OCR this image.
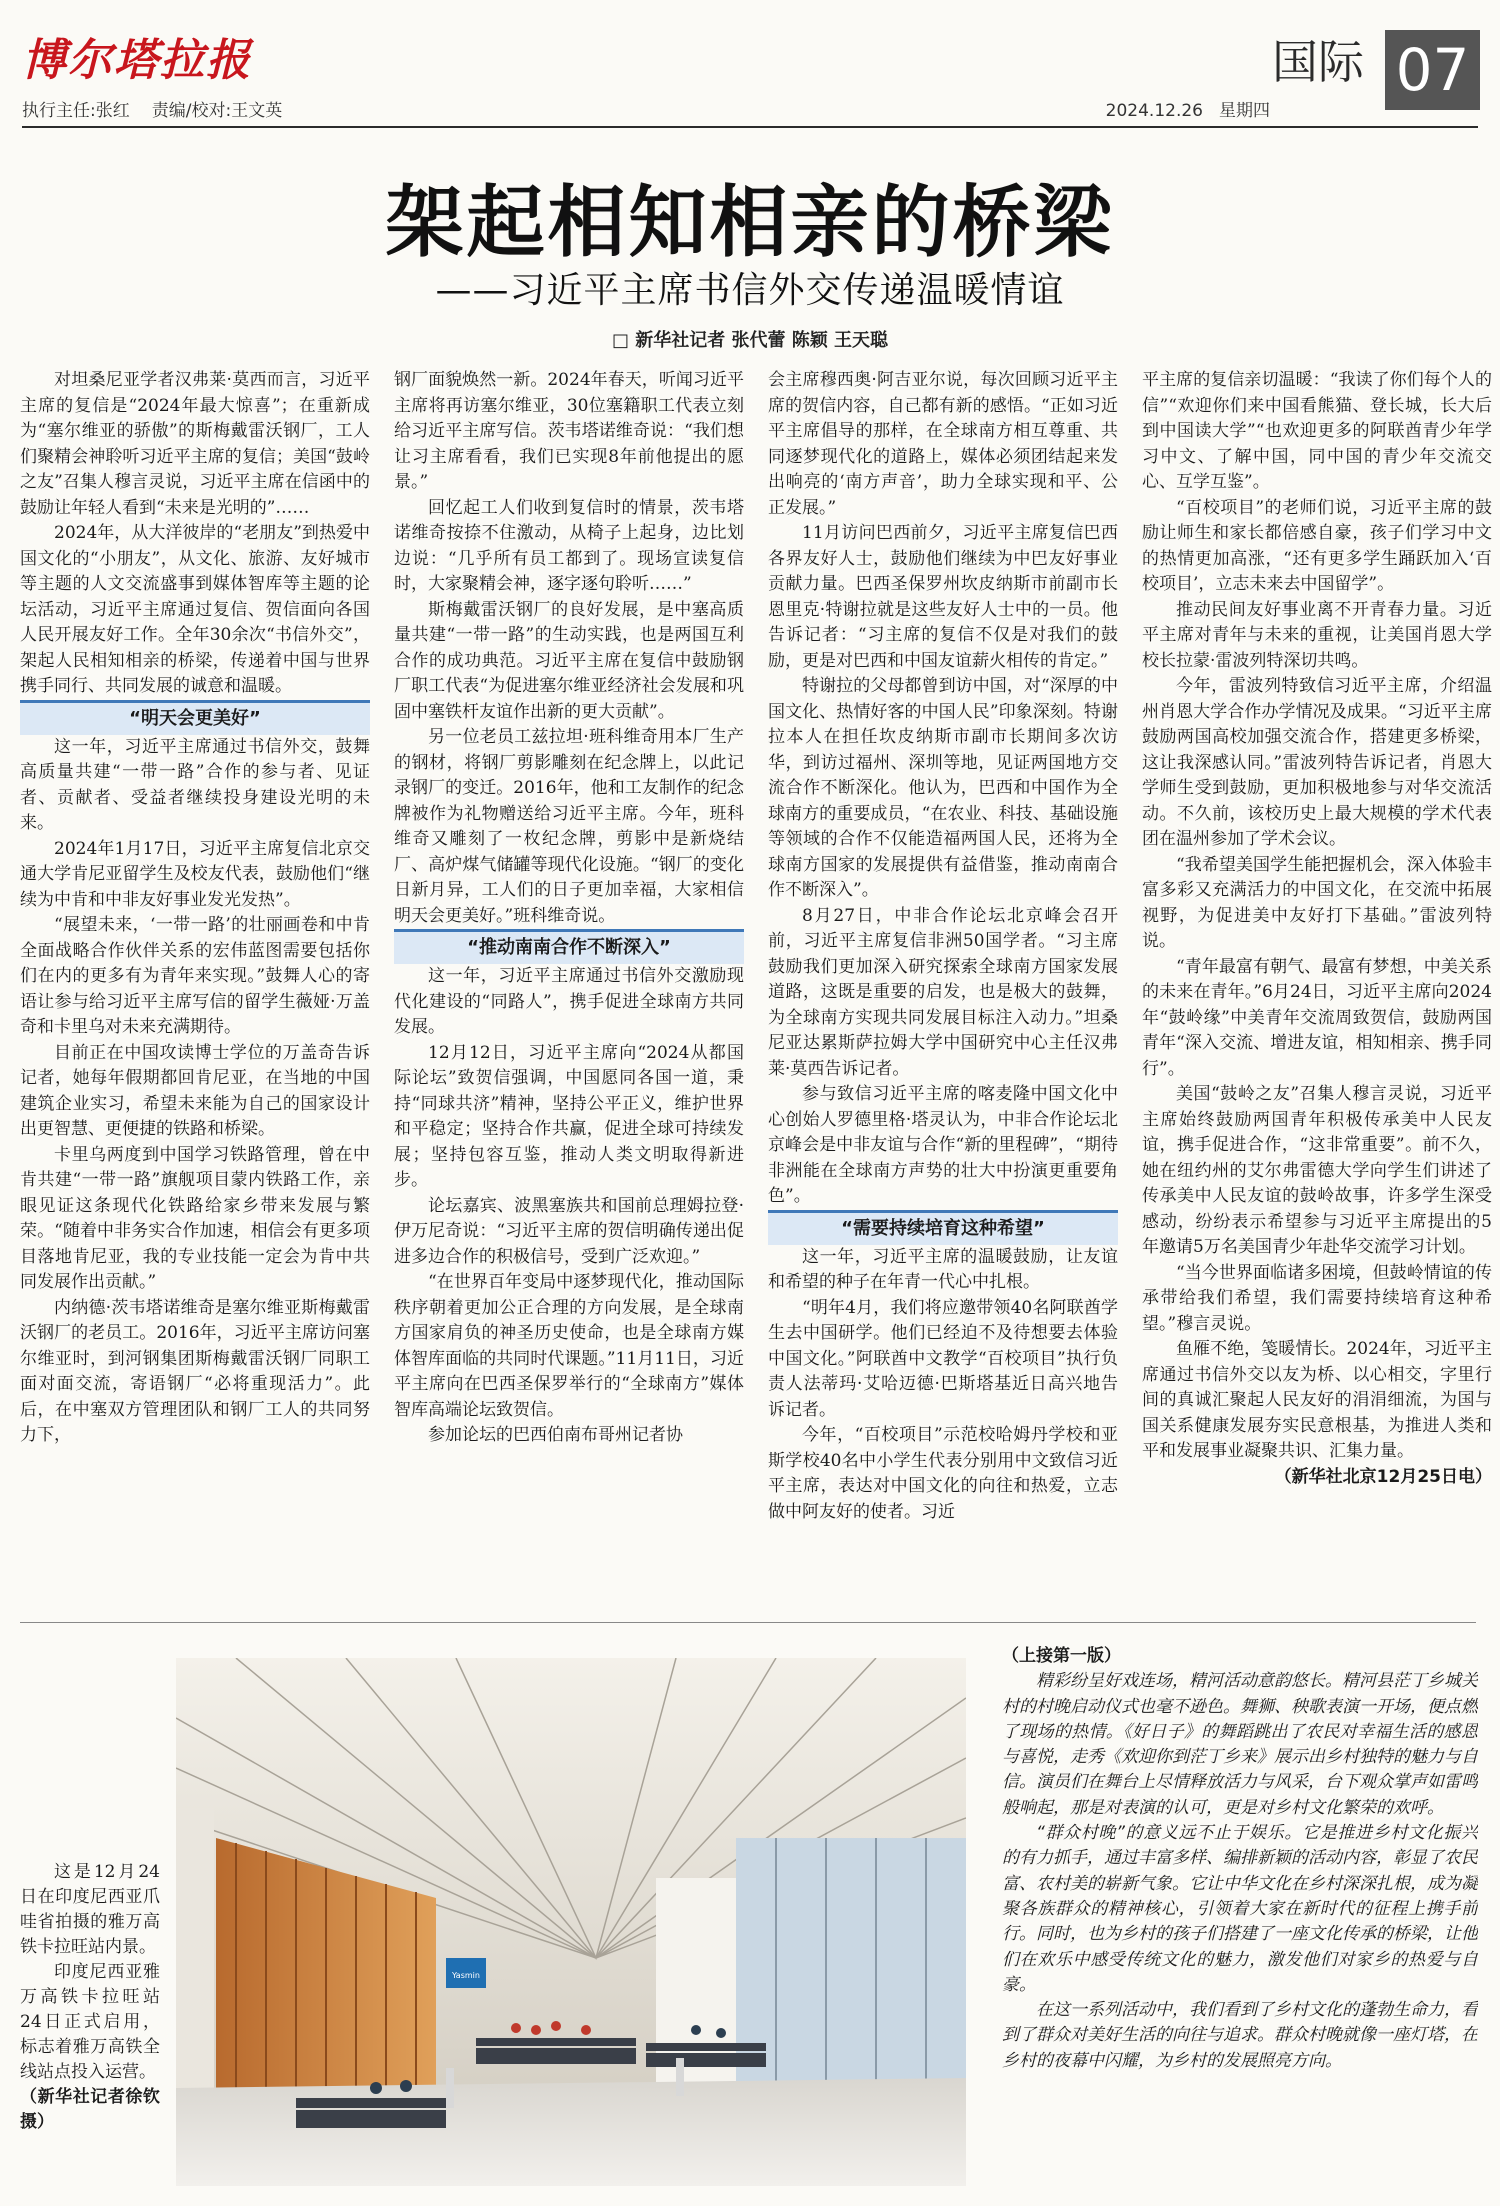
博尔塔拉报
执行主任:张红 责编/校对:王文英	2024.12.26 星期四
国际 07
架起相知相亲的桥梁
——习近平主席书信外交传递温暖情谊
□ 新华社记者 张代蕾 陈颖 王天聪

对坦桑尼亚学者汉弗莱·莫西而言，习近平主席的复信是“2024年最大惊喜”；在重新成为“塞尔维亚的骄傲”的斯梅戴雷沃钢厂，工人们聚精会神聆听习近平主席的复信；美国“鼓岭之友”召集人穆言灵说，习近平主席在信函中的鼓励让年轻人看到“未来是光明的”……

2024年，从大洋彼岸的“老朋友”到热爱中国文化的“小朋友”，从文化、旅游、友好城市等主题的人文交流盛事到媒体智库等主题的论坛活动，习近平主席通过复信、贺信面向各国人民开展友好工作。全年30余次“书信外交”，架起人民相知相亲的桥梁，传递着中国与世界携手同行、共同发展的诚意和温暖。

“明天会更美好”

这一年，习近平主席通过书信外交，鼓舞高质量共建“一带一路”合作的参与者、见证者、贡献者、受益者继续投身建设光明的未来。

2024年1月17日，习近平主席复信北京交通大学肯尼亚留学生及校友代表，鼓励他们“继续为中肯和中非友好事业发光发热”。

“展望未来，‘一带一路’的壮丽画卷和中肯全面战略合作伙伴关系的宏伟蓝图需要包括你们在内的更多有为青年来实现。”鼓舞人心的寄语让参与给习近平主席写信的留学生薇娅·万盖奇和卡里乌对未来充满期待。

目前正在中国攻读博士学位的万盖奇告诉记者，她每年假期都回肯尼亚，在当地的中国建筑企业实习，希望未来能为自己的国家设计出更智慧、更便捷的铁路和桥梁。

卡里乌两度到中国学习铁路管理，曾在中肯共建“一带一路”旗舰项目蒙内铁路工作，亲眼见证这条现代化铁路给家乡带来发展与繁荣。“随着中非务实合作加速，相信会有更多项目落地肯尼亚，我的专业技能一定会为肯中共同发展作出贡献。”

内纳德·茨韦塔诺维奇是塞尔维亚斯梅戴雷沃钢厂的老员工。2016年，习近平主席访问塞尔维亚时，到河钢集团斯梅戴雷沃钢厂同职工面对面交流，寄语钢厂“必将重现活力”。此后，在中塞双方管理团队和钢厂工人的共同努力下，

钢厂面貌焕然一新。2024年春天，听闻习近平主席将再访塞尔维亚，30位塞籍职工代表立刻给习近平主席写信。茨韦塔诺维奇说：“我们想让习主席看看，我们已实现8年前他提出的愿景。”

回忆起工人们收到复信时的情景，茨韦塔诺维奇按捺不住激动，从椅子上起身，边比划边说：“几乎所有员工都到了。现场宣读复信时，大家聚精会神，逐字逐句聆听……”

斯梅戴雷沃钢厂的良好发展，是中塞高质量共建“一带一路”的生动实践，也是两国互利合作的成功典范。习近平主席在复信中鼓励钢厂职工代表“为促进塞尔维亚经济社会发展和巩固中塞铁杆友谊作出新的更大贡献”。

另一位老员工兹拉坦·班科维奇用本厂生产的钢材，将钢厂剪影雕刻在纪念牌上，以此记录钢厂的变迁。2016年，他和工友制作的纪念牌被作为礼物赠送给习近平主席。今年，班科维奇又雕刻了一枚纪念牌，剪影中是新烧结厂、高炉煤气储罐等现代化设施。“钢厂的变化日新月异，工人们的日子更加幸福，大家相信明天会更美好。”班科维奇说。

“推动南南合作不断深入”

这一年，习近平主席通过书信外交激励现代化建设的“同路人”，携手促进全球南方共同发展。

12月12日，习近平主席向“2024从都国际论坛”致贺信强调，中国愿同各国一道，秉持“同球共济”精神，坚持公平正义，维护世界和平稳定；坚持合作共赢，促进全球可持续发展；坚持包容互鉴，推动人类文明取得新进步。

论坛嘉宾、波黑塞族共和国前总理姆拉登·伊万尼奇说：“习近平主席的贺信明确传递出促进多边合作的积极信号，受到广泛欢迎。”

“在世界百年变局中逐梦现代化，推动国际秩序朝着更加公正合理的方向发展，是全球南方国家肩负的神圣历史使命，也是全球南方媒体智库面临的共同时代课题。”11月11日，习近平主席向在巴西圣保罗举行的“全球南方”媒体智库高端论坛致贺信。

参加论坛的巴西伯南布哥州记者协

会主席穆西奥·阿吉亚尔说，每次回顾习近平主席的贺信内容，自己都有新的感悟。“正如习近平主席倡导的那样，在全球南方相互尊重、共同逐梦现代化的道路上，媒体必须团结起来发出响亮的‘南方声音’，助力全球实现和平、公正发展。”

11月访问巴西前夕，习近平主席复信巴西各界友好人士，鼓励他们继续为中巴友好事业贡献力量。巴西圣保罗州坎皮纳斯市前副市长恩里克·特谢拉就是这些友好人士中的一员。他告诉记者：“习主席的复信不仅是对我们的鼓励，更是对巴西和中国友谊薪火相传的肯定。”

特谢拉的父母都曾到访中国，对“深厚的中国文化、热情好客的中国人民”印象深刻。特谢拉本人在担任坎皮纳斯市副市长期间多次访华，到访过福州、深圳等地，见证两国地方交流合作不断深化。他认为，巴西和中国作为全球南方的重要成员，“在农业、科技、基础设施等领域的合作不仅能造福两国人民，还将为全球南方国家的发展提供有益借鉴，推动南南合作不断深入”。

8月27日，中非合作论坛北京峰会召开前，习近平主席复信非洲50国学者。“习主席鼓励我们更加深入研究探索全球南方国家发展道路，这既是重要的启发，也是极大的鼓舞，为全球南方实现共同发展目标注入动力。”坦桑尼亚达累斯萨拉姆大学中国研究中心主任汉弗莱·莫西告诉记者。

参与致信习近平主席的喀麦隆中国文化中心创始人罗德里格·塔灵认为，中非合作论坛北京峰会是中非友谊与合作“新的里程碑”，“期待非洲能在全球南方声势的壮大中扮演更重要角色”。

“需要持续培育这种希望”

这一年，习近平主席的温暖鼓励，让友谊和希望的种子在年青一代心中扎根。

“明年4月，我们将应邀带领40名阿联酋学生去中国研学。他们已经迫不及待想要去体验中国文化。”阿联酋中文教学“百校项目”执行负责人法蒂玛·艾哈迈德·巴斯塔基近日高兴地告诉记者。

今年，“百校项目”示范校哈姆丹学校和亚斯学校40名中小学生代表分别用中文致信习近平主席，表达对中国文化的向往和热爱，立志做中阿友好的使者。习近

平主席的复信亲切温暖：“我读了你们每个人的信”“欢迎你们来中国看熊猫、登长城，长大后到中国读大学”“也欢迎更多的阿联酋青少年学习中文、了解中国，同中国的青少年交流交心、互学互鉴”。

“百校项目”的老师们说，习近平主席的鼓励让师生和家长都倍感自豪，孩子们学习中文的热情更加高涨，“还有更多学生踊跃加入‘百校项目’，立志未来去中国留学”。

推动民间友好事业离不开青春力量。习近平主席对青年与未来的重视，让美国肖恩大学校长拉蒙·雷波列特深切共鸣。

今年，雷波列特致信习近平主席，介绍温州肖恩大学合作办学情况及成果。“习近平主席鼓励两国高校加强交流合作，搭建更多桥梁，这让我深感认同。”雷波列特告诉记者，肖恩大学师生受到鼓励，更加积极地参与对华交流活动。不久前，该校历史上最大规模的学术代表团在温州参加了学术会议。

“我希望美国学生能把握机会，深入体验丰富多彩又充满活力的中国文化，在交流中拓展视野，为促进美中友好打下基础。”雷波列特说。

“青年最富有朝气、最富有梦想，中美关系的未来在青年。”6月24日，习近平主席向2024年“鼓岭缘”中美青年交流周致贺信，鼓励两国青年“深入交流、增进友谊，相知相亲、携手同行”。

美国“鼓岭之友”召集人穆言灵说，习近平主席始终鼓励两国青年积极传承美中人民友谊，携手促进合作，“这非常重要”。前不久，她在纽约州的艾尔弗雷德大学向学生们讲述了传承美中人民友谊的鼓岭故事，许多学生深受感动，纷纷表示希望参与习近平主席提出的5年邀请5万名美国青少年赴华交流学习计划。

“当今世界面临诸多困境，但鼓岭情谊的传承带给我们希望，我们需要持续培育这种希望。”穆言灵说。

鱼雁不绝，笺暖情长。2024年，习近平主席通过书信外交以友为桥、以心相交，字里行间的真诚汇聚起人民友好的涓涓细流，为国与国关系健康发展夯实民意根基，为推进人类和平和发展事业凝聚共识、汇集力量。

（新华社北京12月25日电）

Yasmin

这是12月24日在印度尼西亚爪哇省拍摄的雅万高铁卡拉旺站内景。

印度尼西亚雅万高铁卡拉旺站24日正式启用，标志着雅万高铁全线站点投入运营。

（新华社记者徐钦 摄）

（上接第一版）

精彩纷呈好戏连场，精河活动意韵悠长。精河县茫丁乡城关村的村晚启动仪式也毫不逊色。舞狮、秧歌表演一开场，便点燃了现场的热情。《好日子》的舞蹈跳出了农民对幸福生活的感恩与喜悦，走秀《欢迎你到茫丁乡来》展示出乡村独特的魅力与自信。演员们在舞台上尽情释放活力与风采，台下观众掌声如雷鸣般响起，那是对表演的认可，更是对乡村文化繁荣的欢呼。

“群众村晚”的意义远不止于娱乐。它是推进乡村文化振兴的有力抓手，通过丰富多样、编排新颖的活动内容，彰显了农民富、农村美的崭新气象。它让中华文化在乡村深深扎根，成为凝聚各族群众的精神核心，引领着大家在新时代的征程上携手前行。同时，也为乡村的孩子们搭建了一座文化传承的桥梁，让他们在欢乐中感受传统文化的魅力，激发他们对家乡的热爱与自豪。

在这一系列活动中，我们看到了乡村文化的蓬勃生命力，看到了群众对美好生活的向往与追求。群众村晚就像一座灯塔，在乡村的夜幕中闪耀，为乡村的发展照亮方向。
